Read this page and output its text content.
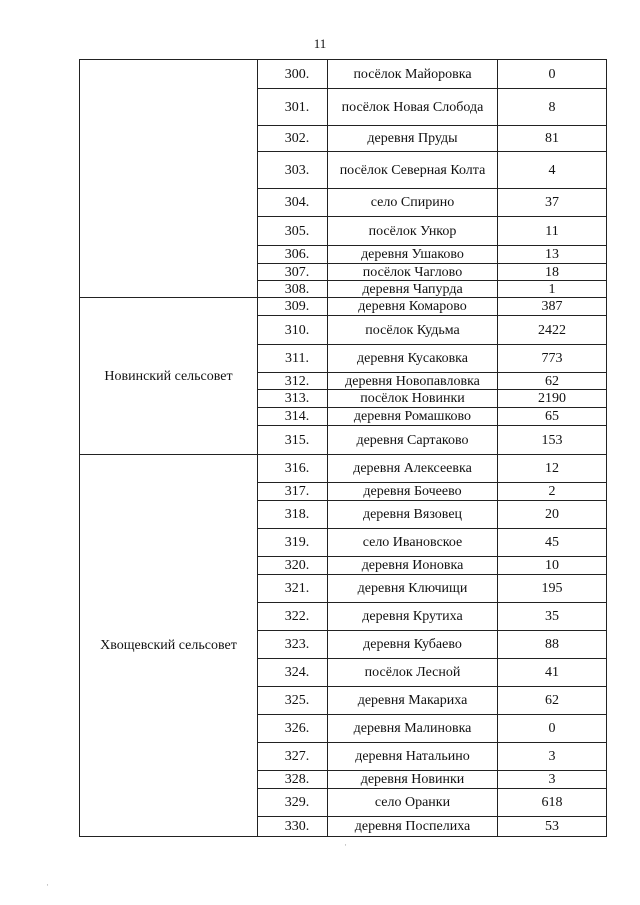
11
	300.	посёлок Майоровка	0
	301.	посёлок Новая Слобода	8
	302.	деревня Пруды	81
	303.	посёлок Северная Колта	4
	304.	село Спирино	37
	305.	посёлок Ункор	11
	306.	деревня Ушаково	13
	307.	посёлок Чаглово	18
	308.	деревня Чапурда	1
Новинский сельсовет	309.	деревня Комарово	387
	310.	посёлок Кудьма	2422
	311.	деревня Кусаковка	773
	312.	деревня Новопавловка	62
	313.	посёлок Новинки	2190
	314.	деревня Ромашково	65
	315.	деревня Сартаково	153
Хвощевский сельсовет	316.	деревня Алексеевка	12
	317.	деревня Бочеево	2
	318.	деревня Вязовец	20
	319.	село Ивановское	45
	320.	деревня Ионовка	10
	321.	деревня Ключищи	195
	322.	деревня Крутиха	35
	323.	деревня Кубаево	88
	324.	посёлок Лесной	41
	325.	деревня Макариха	62
	326.	деревня Малиновка	0
	327.	деревня Натальино	3
	328.	деревня Новинки	3
	329.	село Оранки	618
	330.	деревня Поспелиха	53
·
·
